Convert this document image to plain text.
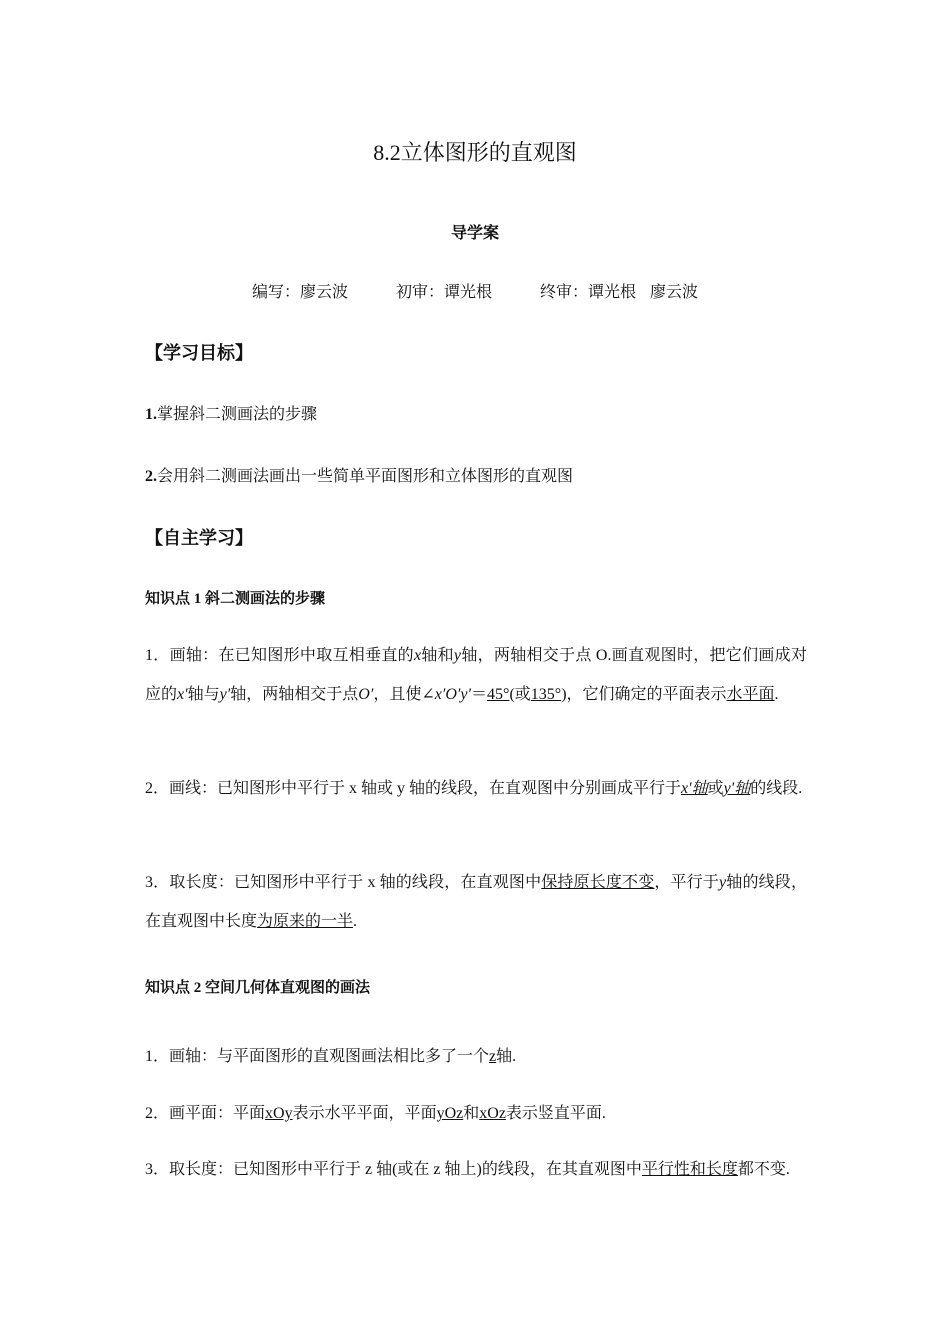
8.2立体图形的直观图
导学案
编写：廖云波	初审：谭光根	终审：谭光根 廖云波
【学习目标】
1.掌握斜二测画法的步骤
2.会用斜二测画法画出一些简单平面图形和立体图形的直观图
【自主学习】
知识点 1 斜二测画法的步骤
1．画轴：在已知图形中取互相垂直的x轴和y轴，两轴相交于点 O.画直观图时，把它们画成对应的x′轴与y′轴，两轴相交于点O′，且使∠x′O′y′＝45°(或135°)，它们确定的平面表示水平面.
2．画线：已知图形中平行于 x 轴或 y 轴的线段，在直观图中分别画成平行于x′轴或y′轴的线段.
3．取长度：已知图形中平行于 x 轴的线段，在直观图中保持原长度不变，平行于y轴的线段，在直观图中长度为原来的一半.
知识点 2 空间几何体直观图的画法
1．画轴：与平面图形的直观图画法相比多了一个z轴.
2．画平面：平面xOy表示水平平面，平面yOz和xOz表示竖直平面.
3．取长度：已知图形中平行于 z 轴(或在 z 轴上)的线段，在其直观图中平行性和长度都不变.
